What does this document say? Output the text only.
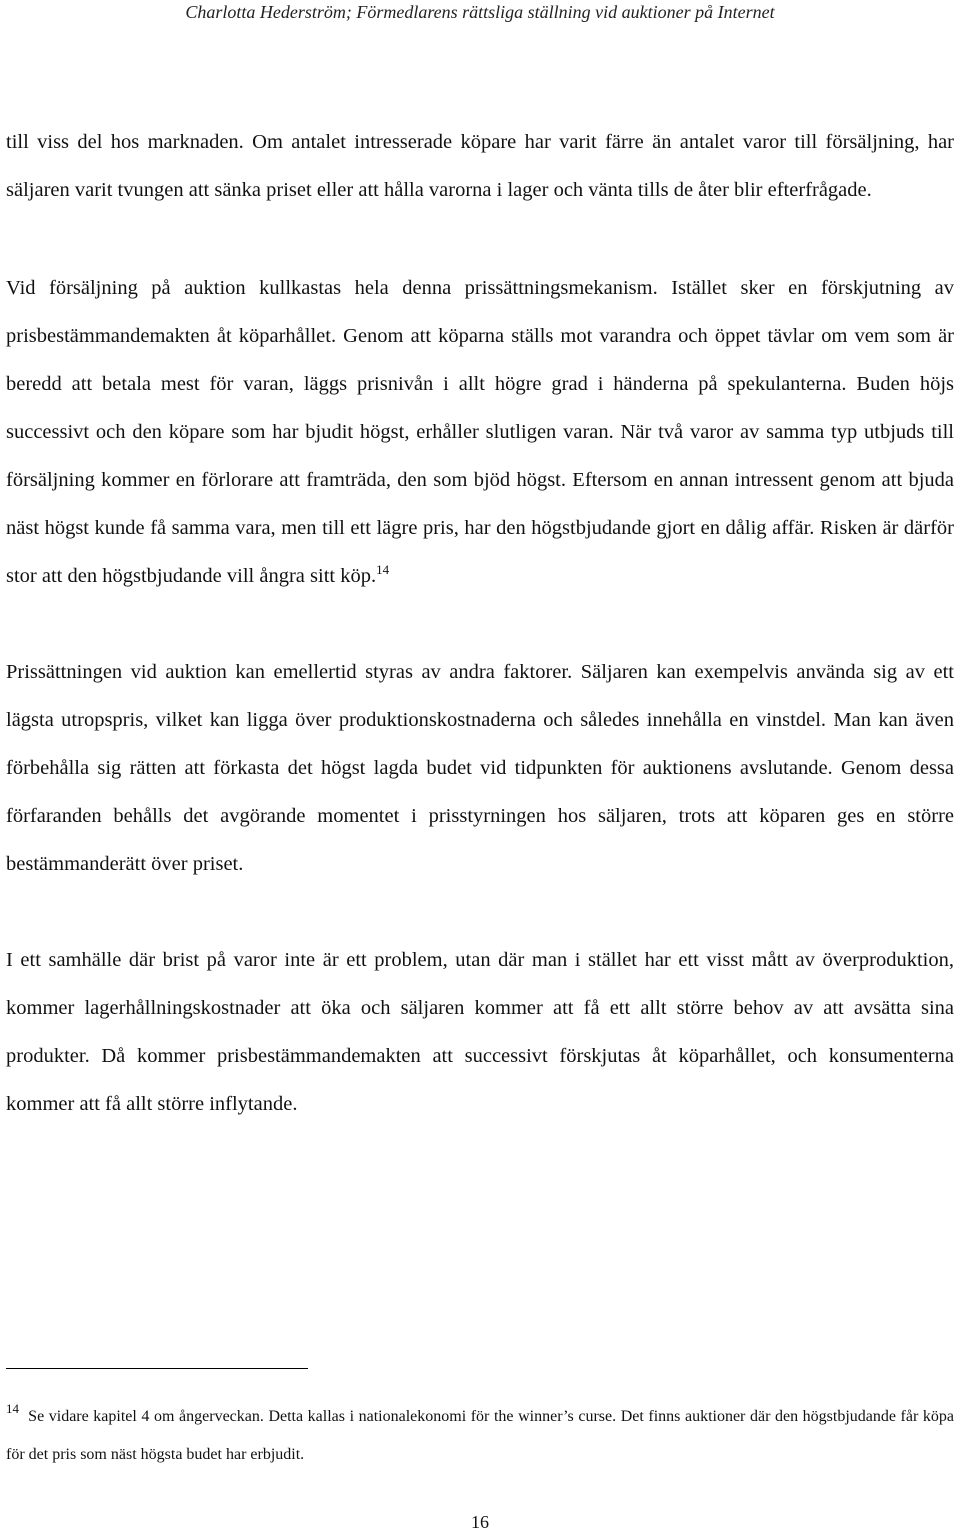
Charlotta Hederström; Förmedlarens rättsliga ställning vid auktioner på Internet

till viss del hos marknaden. Om antalet intresserade köpare har varit färre än antalet varor till försäljning, har säljaren varit tvungen att sänka priset eller att hålla varorna i lager och vänta tills de åter blir efterfrågade.

Vid försäljning på auktion kullkastas hela denna prissättningsmekanism. Istället sker en förskjutning av prisbestämmandemakten åt köparhållet. Genom att köparna ställs mot varandra och öppet tävlar om vem som är beredd att betala mest för varan, läggs prisnivån i allt högre grad i händerna på spekulanterna. Buden höjs successivt och den köpare som har bjudit högst, erhåller slutligen varan. När två varor av samma typ utbjuds till försäljning kommer en förlorare att framträda, den som bjöd högst. Eftersom en annan intressent genom att bjuda näst högst kunde få samma vara, men till ett lägre pris, har den högstbjudande gjort en dålig affär. Risken är därför stor att den högstbjudande vill ångra sitt köp.$^{14}$

Prissättningen vid auktion kan emellertid styras av andra faktorer. Säljaren kan exempelvis använda sig av ett lägsta utropspris, vilket kan ligga över produktionskostnaderna och således innehålla en vinstdel. Man kan även förbehålla sig rätten att förkasta det högst lagda budet vid tidpunkten för auktionens avslutande. Genom dessa förfaranden behålls det avgörande momentet i prisstyrningen hos säljaren, trots att köparen ges en större bestämmanderätt över priset.

I ett samhälle där brist på varor inte är ett problem, utan där man i stället har ett visst mått av överproduktion, kommer lagerhållningskostnader att öka och säljaren kommer att få ett allt större behov av att avsätta sina produkter. Då kommer prisbestämmandemakten att successivt förskjutas åt köparhållet, och konsumenterna kommer att få allt större inflytande.

$^{14}$ Se vidare kapitel 4 om ångerveckan. Detta kallas i nationalekonomi för the winner’s curse. Det finns auktioner där den högstbjudande får köpa för det pris som näst högsta budet har erbjudit.

16
